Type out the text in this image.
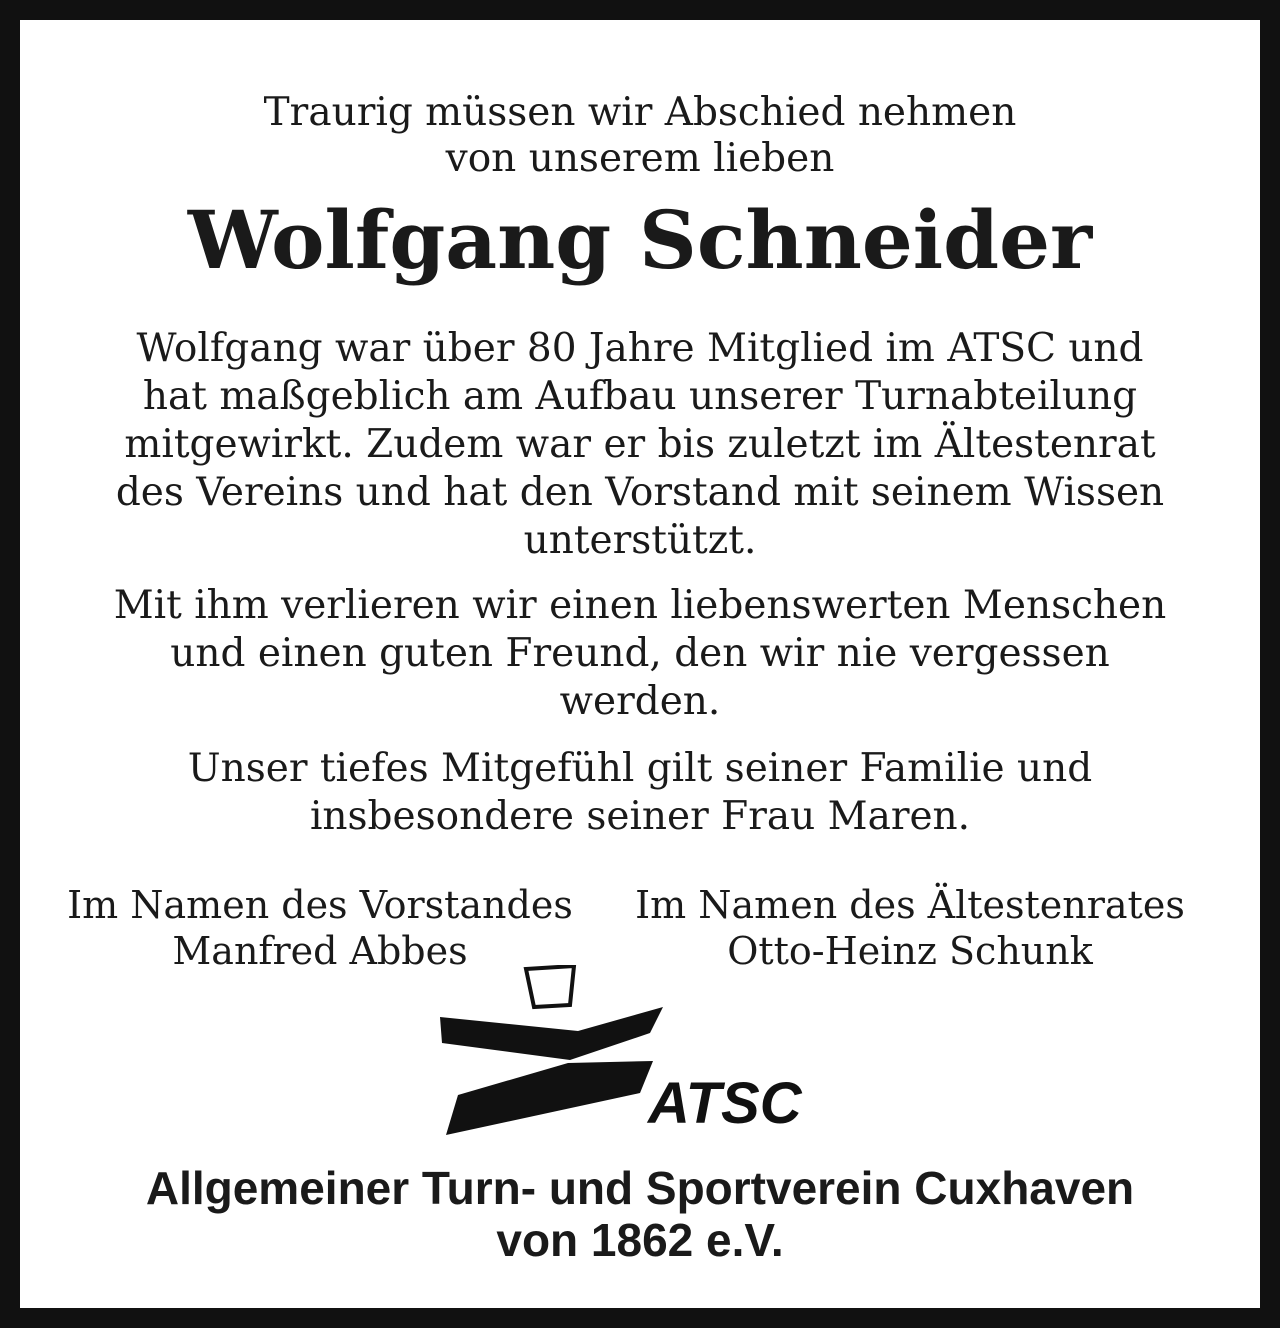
Traurig müssen wir Abschied nehmen
von unserem lieben
Wolfgang Schneider
Wolfgang war über 80 Jahre Mitglied im ATSC und
hat maßgeblich am Aufbau unserer Turnabteilung
mitgewirkt. Zudem war er bis zuletzt im Ältestenrat
des Vereins und hat den Vorstand mit seinem Wissen
unterstützt.
Mit ihm verlieren wir einen liebenswerten Menschen
und einen guten Freund, den wir nie vergessen
werden.
Unser tiefes Mitgefühl gilt seiner Familie und
insbesondere seiner Frau Maren.
Im Namen des Vorstandes
Manfred Abbes
Im Namen des Ältestenrates
Otto-Heinz Schunk
ATSC
Allgemeiner Turn- und Sportverein Cuxhaven
von 1862 e.V.
